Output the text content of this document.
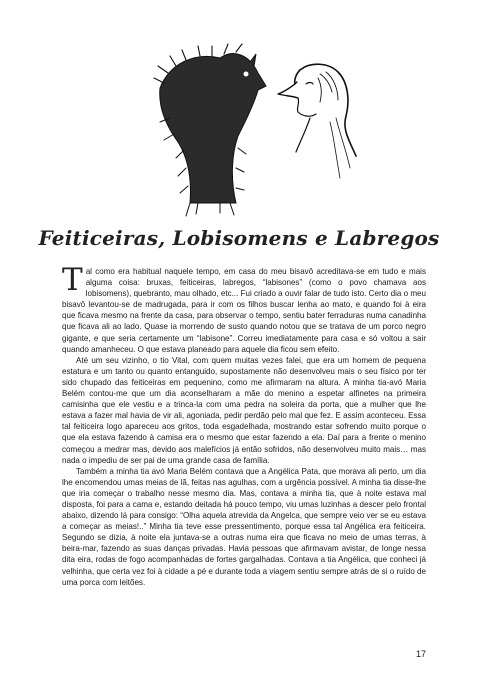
Feiticeiras, Lobisomens e Labregos

Tal como era habitual naquele tempo, em casa do meu bisavô acreditava-se em tudo e mais alguma coisa: bruxas, feiticeiras, labregos, “labisones” (como o povo chamava aos lobisomens), quebranto, mau olhado, etc... Fui criado a ouvir falar de tudo isto. Certo dia o meu bisavô levantou-se de madrugada, para ir com os filhos buscar lenha ao mato, e quando foi à eira que ficava mesmo na frente da casa, para observar o tempo, sentiu bater ferraduras numa canadinha que ficava ali ao lado. Quase ia morrendo de susto quando notou que se tratava de um porco negro gigante, e que seria certamente um “labisone”. Correu imediatamente para casa e só voltou a sair quando amanheceu. O que estava planeado para aquele dia ficou sem efeito.

Até um seu vizinho, o tio Vital, com quem muitas vezes falei, que era um homem de pequena estatura e um tanto ou quanto entanguido, supostamente não desenvolveu mais o seu físico por ter sido chupado das feiticeiras em pequenino, como me afirmaram na altura. A minha tia-avó Maria Belém contou-me que um dia aconselharam a mãe do menino a espetar alfinetes na primeira camisinha que ele vestiu e a trinca-la com uma pedra na soleira da porta, que a mulher que lhe estava a fazer mal havia de vir ali, agoniada, pedir perdão pelo mal que fez. E assim aconteceu. Essa tal feiticeira logo apareceu aos gritos, toda esgadelhada, mostrando estar sofrendo muito porque o que ela estava fazendo à camisa era o mesmo que estar fazendo a ela. Daí para a frente o menino começou a medrar mas, devido aos malefícios já então sofridos, não desenvolveu muito mais… mas nada o impediu de ser pai de uma grande casa de família.

Também a minha tia avó Maria Belém contava que a Angélica Pata, que morava ali perto, um dia lhe encomendou umas meias de lã, feitas nas agulhas, com a urgência possível. A minha tia disse-lhe que iria começar o trabalho nesse mesmo dia. Mas, contava a minha tia, que à noite estava mal disposta, foi para a cama e, estando deitada há pouco tempo, viu umas luzinhas a descer pelo frontal abaixo, dizendo lá para consigo: “Olha aquela atrevida da Angelca, que sempre veio ver se eu estava a começar as meias!..” Minha tia teve esse pressentimento, porque essa tal Angélica era feiticeira. Segundo se dizia, à noite ela juntava-se a outras numa eira que ficava no meio de umas terras, à beira-mar, fazendo as suas danças privadas. Havia pessoas que afirmavam avistar, de longe nessa dita eira, rodas de fogo acompanhadas de fortes gargalhadas. Contava a tia Angélica, que conheci já velhinha, que certa vez foi à cidade a pé e durante toda a viagem sentiu sempre atrás de si o ruído de uma porca com leitões.

17
